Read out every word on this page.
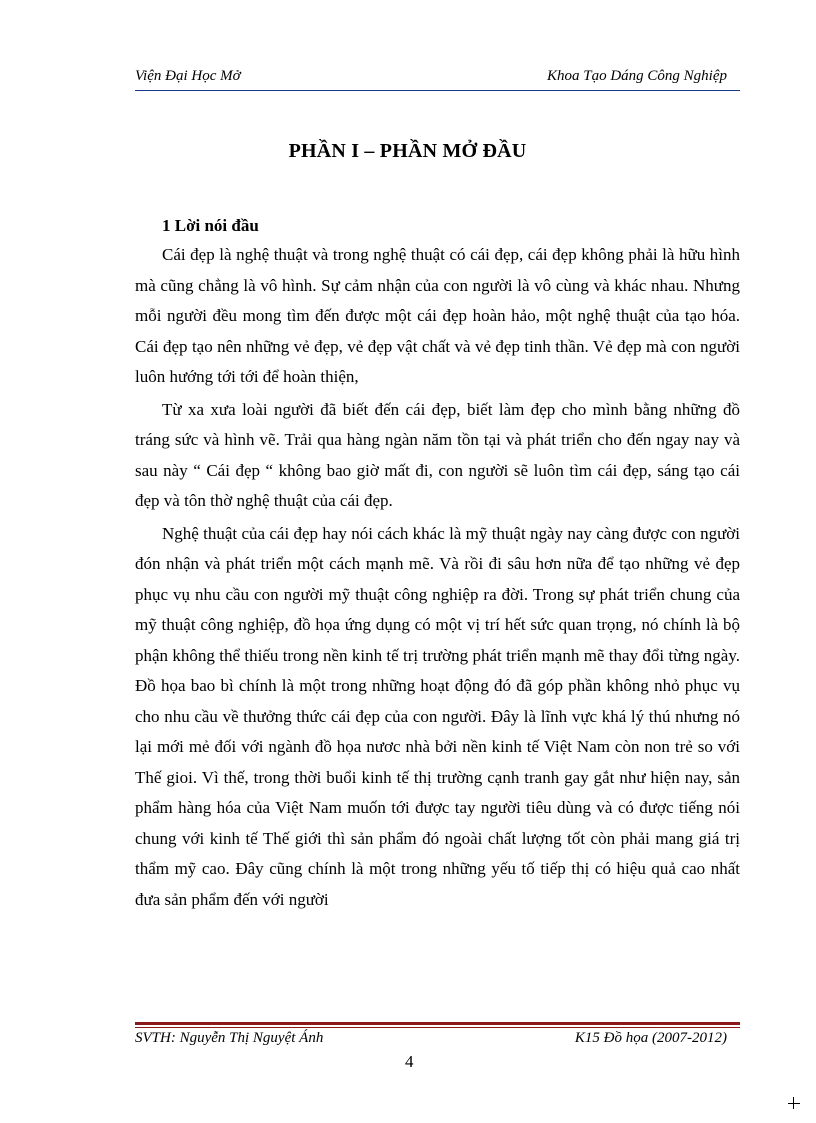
Viện Đại Học Mở	Khoa Tạo Dáng Công Nghiệp
PHẦN I – PHẦN MỞ ĐẦU
1 Lời nói đầu

Cái đẹp là nghệ thuật và trong nghệ thuật có cái đẹp, cái đẹp không phải là hữu hình mà cũng chẳng là vô hình. Sự cảm nhận của con người là vô cùng và khác nhau. Nhưng mỗi người đều mong tìm đến được một cái đẹp hoàn hảo, một nghệ thuật của tạo hóa. Cái đẹp tạo nên những vẻ đẹp, vẻ đẹp vật chất và vẻ đẹp tinh thần. Vẻ đẹp mà con người luôn hướng tới tới để hoàn thiện,

Từ xa xưa loài người đã biết đến cái đẹp, biết làm đẹp cho mình bằng những đồ tráng sức và hình vẽ. Trải qua hàng ngàn năm tồn tại và phát triển cho đến ngay nay và sau này “ Cái đẹp “ không bao giờ mất đi, con người sẽ luôn tìm cái đẹp, sáng tạo cái đẹp và tôn thờ nghệ thuật của cái đẹp.

Nghệ thuật của cái đẹp hay nói cách khác là mỹ thuật ngày nay càng được con người đón nhận và phát triển một cách mạnh mẽ. Và rồi đi sâu hơn nữa để tạo những vẻ đẹp phục vụ nhu cầu con người mỹ thuật công nghiệp ra đời. Trong sự phát triển chung của mỹ thuật công nghiệp, đồ họa ứng dụng có một vị trí hết sức quan trọng, nó chính là bộ phận không thể thiếu trong nền kinh tế trị trường phát triển mạnh mẽ thay đổi từng ngày. Đồ họa bao bì chính là một trong những hoạt động đó đã góp phần không nhỏ phục vụ cho nhu cầu về thưởng thức cái đẹp của con người. Đây là lĩnh vực khá lý thú nhưng nó lại mới mẻ đối với ngành đồ họa nươc nhà bởi nền kinh tế Việt Nam còn non trẻ so với Thế gioi. Vì thế, trong thời buổi kinh tế thị trường cạnh tranh gay gắt như hiện nay, sản phẩm hàng hóa của Việt Nam muốn tới được tay người tiêu dùng và có được tiếng nói chung với kinh tế Thế giới thì sản phẩm đó ngoài chất lượng tốt còn phải mang giá trị thẩm mỹ cao. Đây cũng chính là một trong những yếu tố tiếp thị có hiệu quả cao nhất đưa sản phẩm đến với người

SVTH: Nguyễn Thị Nguyệt Ánh	K15 Đồ họa (2007-2012)
4
